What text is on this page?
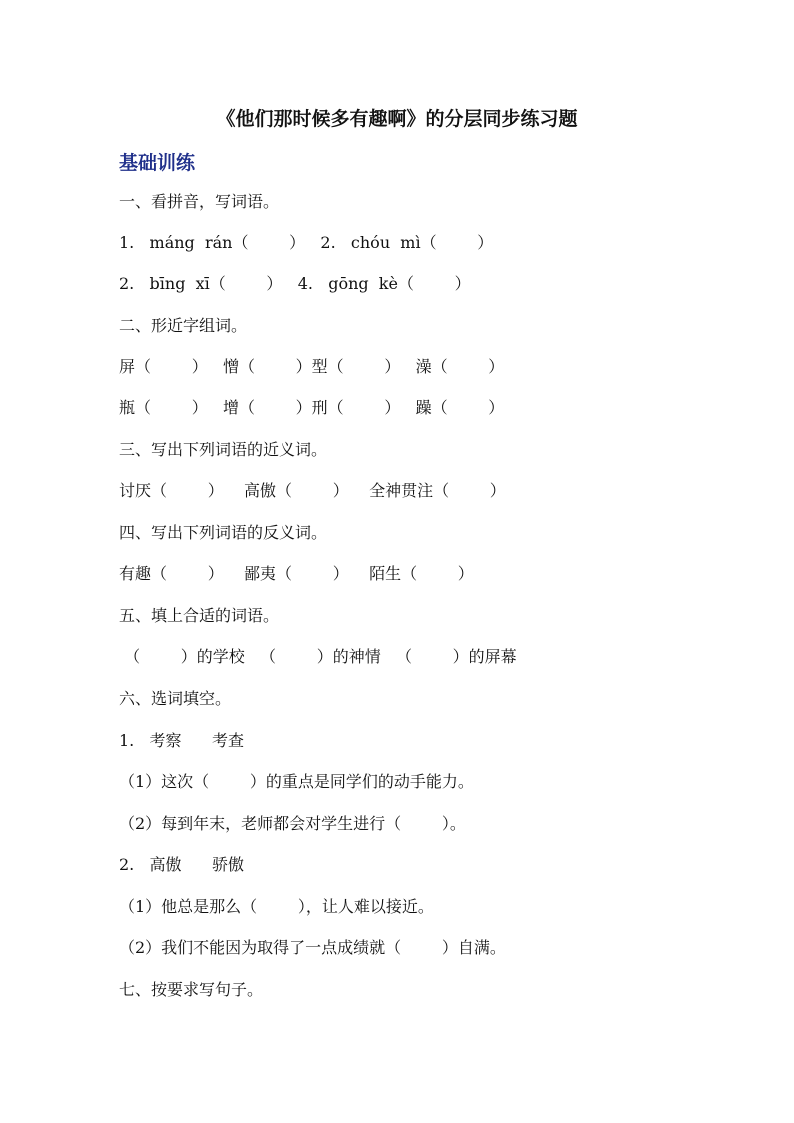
《他们那时候多有趣啊》的分层同步练习题
基础训练
一、看拼音，写词语。
1.   máng  rán（        ）   2.   chóu  mì（        ）
2.   bīng  xī（        ）   4.   gōng  kè（        ）
二、形近字组词。
屏（        ）   憎（        ）型（        ）   澡（        ）
瓶（        ）   增（        ）刑（        ）   躁（        ）
三、写出下列词语的近义词。
讨厌（        ）    高傲（        ）    全神贯注（        ）
四、写出下列词语的反义词。
有趣（        ）    鄙夷（        ）    陌生（        ）
五、填上合适的词语。
（        ）的学校   （        ）的神情   （        ）的屏幕
六、选词填空。
1.   考察      考查
（1）这次（        ）的重点是同学们的动手能力。
（2）每到年末，老师都会对学生进行（        ）。
2.   高傲      骄傲
（1）他总是那么（        ），让人难以接近。
（2）我们不能因为取得了一点成绩就（        ）自满。
七、按要求写句子。
